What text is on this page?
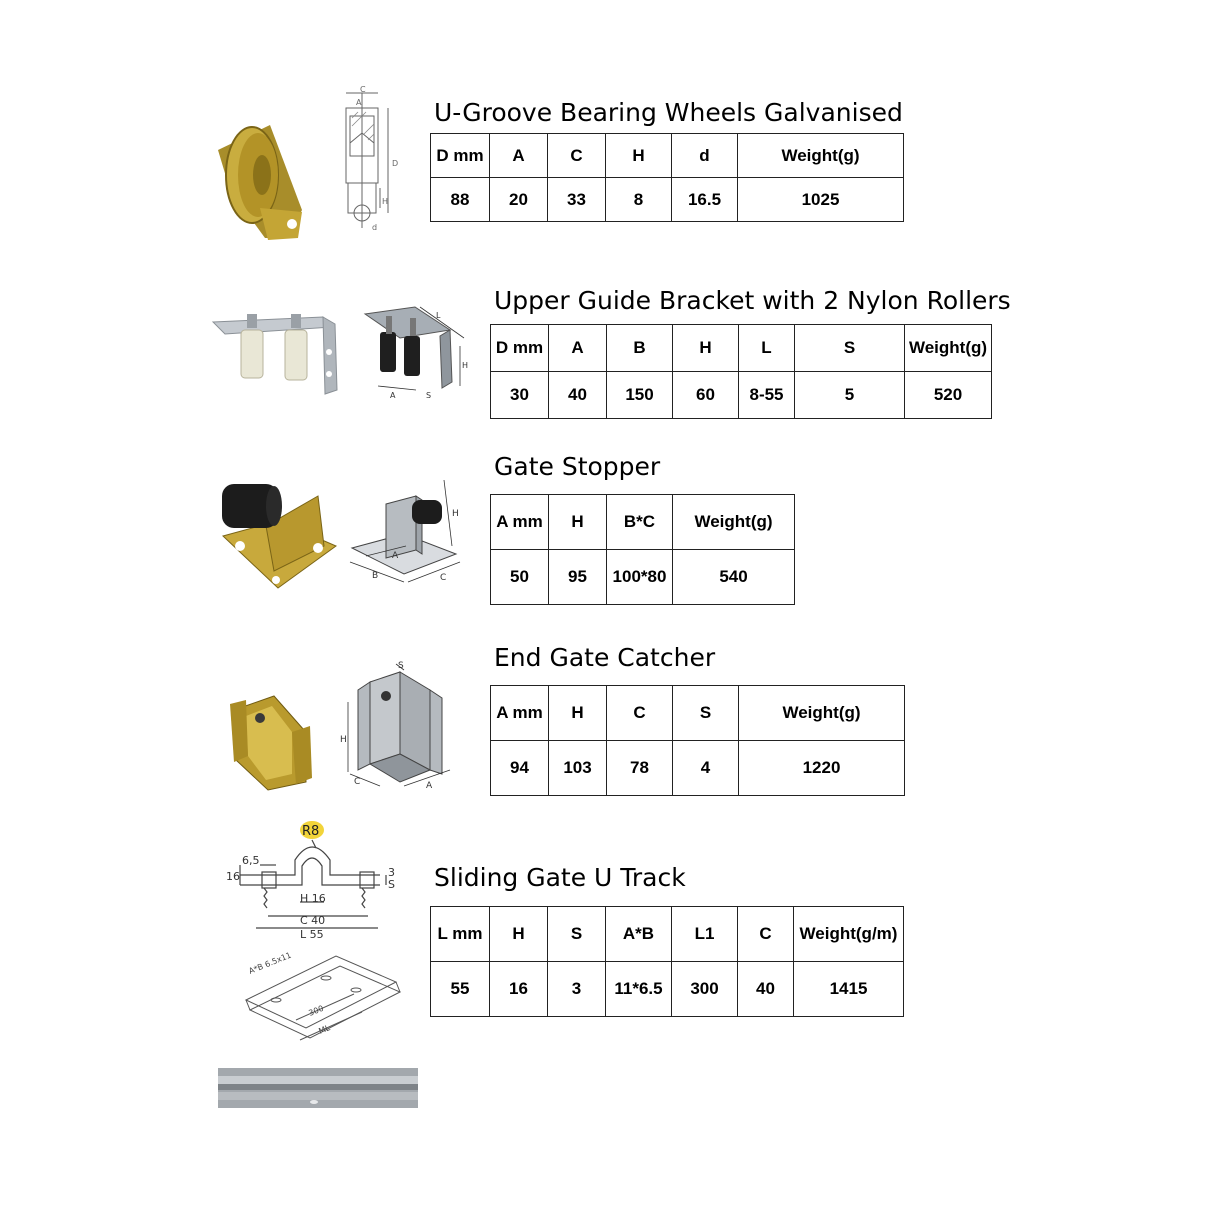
C
A
D
H
d
U-Groove Bearing Wheels Galvanised
D mm	A	C	H	d	Weight(g)
88	20	33	8	16.5	1025
L
H
A	S
Upper Guide Bracket with 2 Nylon Rollers
D mm	A	B	H	L	S	Weight(g)
30	40	150	60	8-55	5	520
H
A
B	C
Gate Stopper
A mm	H	B*C	Weight(g)
50	95	100*80	540
S
H
C	A
End Gate Catcher
A mm	H	C	S	Weight(g)
94	103	78	4	1220
R8
6,5
16	3
S
H 16
C 40
L 55
A*B 6.5x11
300
ML
Sliding Gate U Track
L mm	H	S	A*B	L1	C	Weight(g/m)
55	16	3	11*6.5	300	40	1415
